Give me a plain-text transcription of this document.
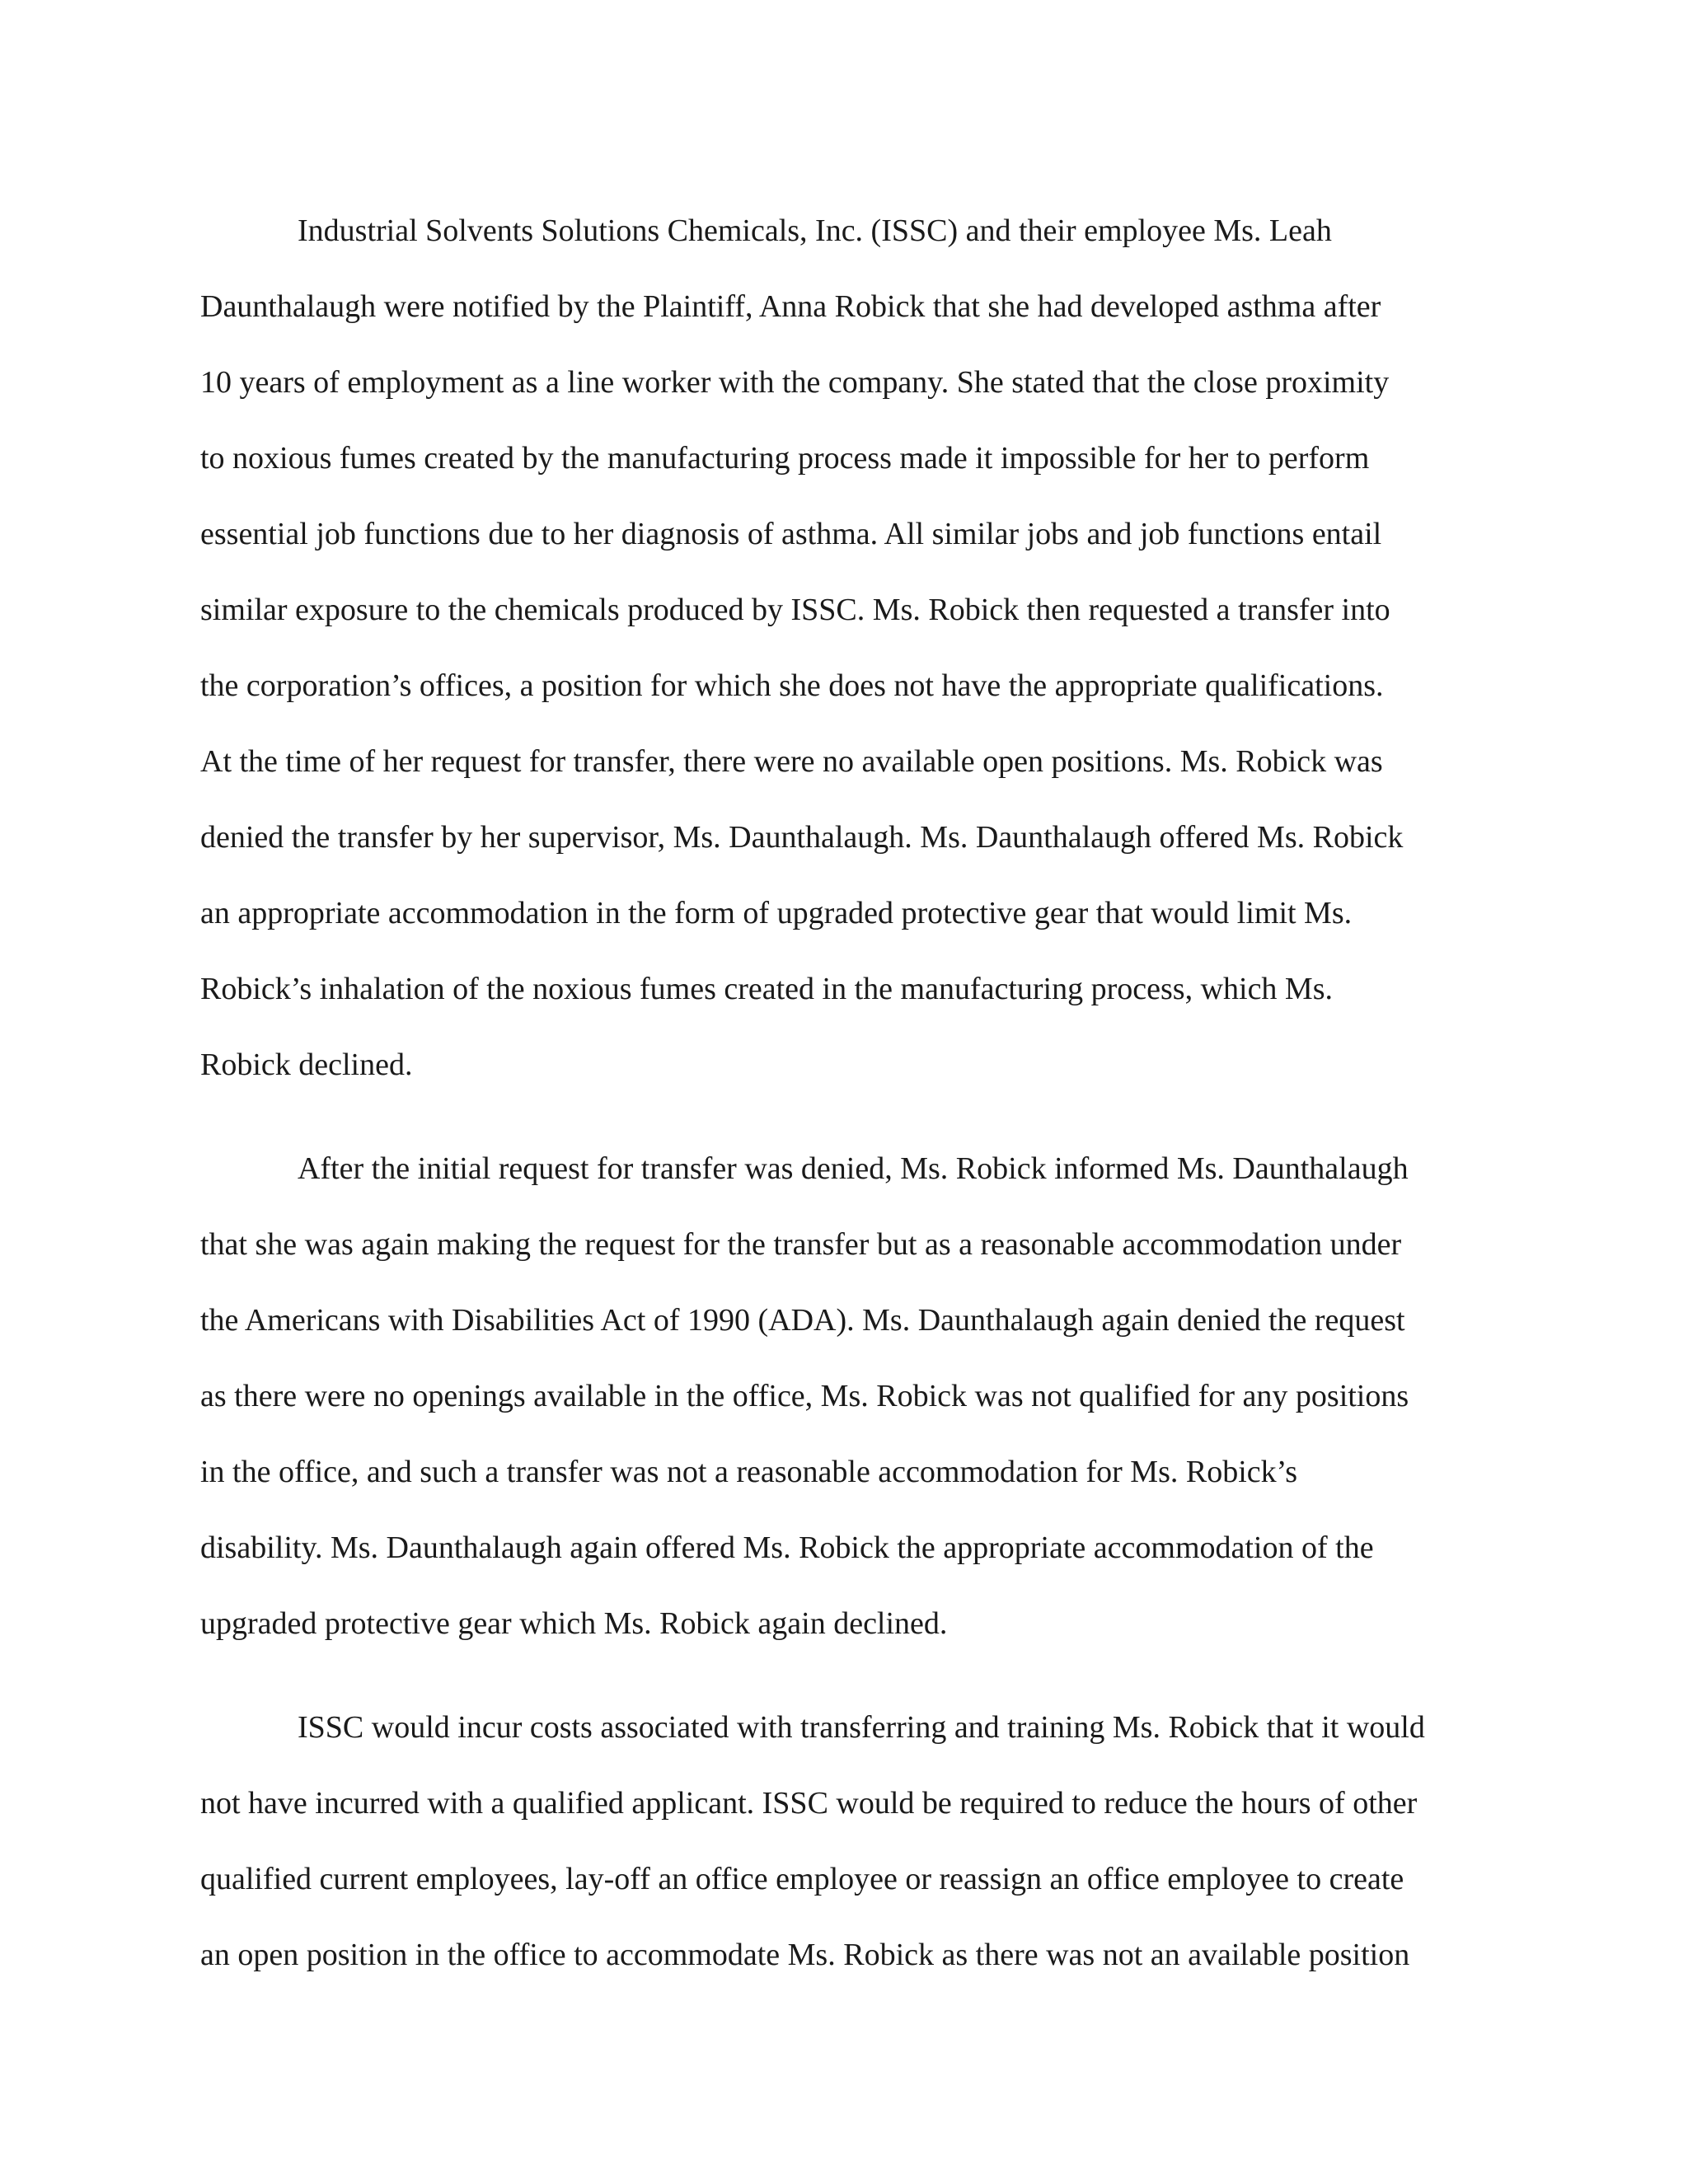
Industrial Solvents Solutions Chemicals, Inc. (ISSC) and their employee Ms. Leah
Daunthalaugh were notified by the Plaintiff, Anna Robick that she had developed asthma after
10 years of employment as a line worker with the company. She stated that the close proximity
to noxious fumes created by the manufacturing process made it impossible for her to perform
essential job functions due to her diagnosis of asthma. All similar jobs and job functions entail
similar exposure to the chemicals produced by ISSC. Ms. Robick then requested a transfer into
the corporation’s offices, a position for which she does not have the appropriate qualifications.
At the time of her request for transfer, there were no available open positions. Ms. Robick was
denied the transfer by her supervisor, Ms. Daunthalaugh. Ms. Daunthalaugh offered Ms. Robick
an appropriate accommodation in the form of upgraded protective gear that would limit Ms.
Robick’s inhalation of the noxious fumes created in the manufacturing process, which Ms.
Robick declined.

After the initial request for transfer was denied, Ms. Robick informed Ms. Daunthalaugh
that she was again making the request for the transfer but as a reasonable accommodation under
the Americans with Disabilities Act of 1990 (ADA). Ms. Daunthalaugh again denied the request
as there were no openings available in the office, Ms. Robick was not qualified for any positions
in the office, and such a transfer was not a reasonable accommodation for Ms. Robick’s
disability. Ms. Daunthalaugh again offered Ms. Robick the appropriate accommodation of the
upgraded protective gear which Ms. Robick again declined.

ISSC would incur costs associated with transferring and training Ms. Robick that it would
not have incurred with a qualified applicant. ISSC would be required to reduce the hours of other
qualified current employees, lay-off an office employee or reassign an office employee to create
an open position in the office to accommodate Ms. Robick as there was not an available position
